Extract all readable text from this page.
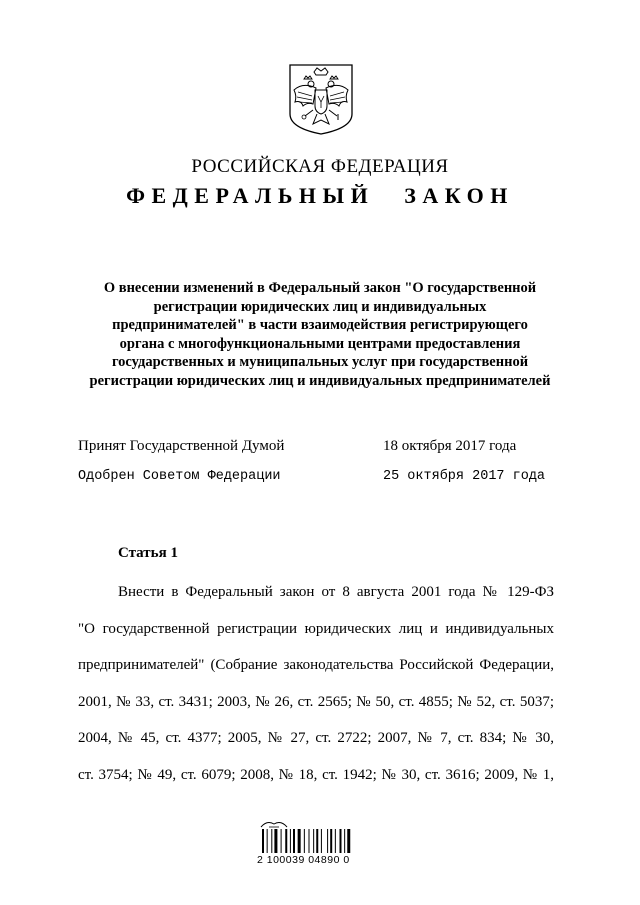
РОССИЙСКАЯ ФЕДЕРАЦИЯ
ФЕДЕРАЛЬНЫЙ ЗАКОН
О внесении изменений в Федеральный закон "О государственной
регистрации юридических лиц и индивидуальных
предпринимателей" в части взаимодействия регистрирующего
органа с многофункциональными центрами предоставления
государственных и муниципальных услуг при государственной
регистрации юридических лиц и индивидуальных предпринимателей
Принят Государственной Думой	18 октября 2017 года
Одобрен Советом Федерации	25 октября 2017 года
Статья 1
Внести в Федеральный закон от 8 августа 2001 года № 129-ФЗ
"О государственной регистрации юридических лиц и индивидуальных
предпринимателей" (Собрание законодательства Российской Федерации,
2001, № 33, ст. 3431; 2003, № 26, ст. 2565; № 50, ст. 4855; № 52, ст. 5037;
2004, № 45, ст. 4377; 2005, № 27, ст. 2722; 2007, № 7, ст. 834; № 30,
ст. 3754; № 49, ст. 6079; 2008, № 18, ст. 1942; № 30, ст. 3616; 2009, № 1,
2 100039 04890 0
